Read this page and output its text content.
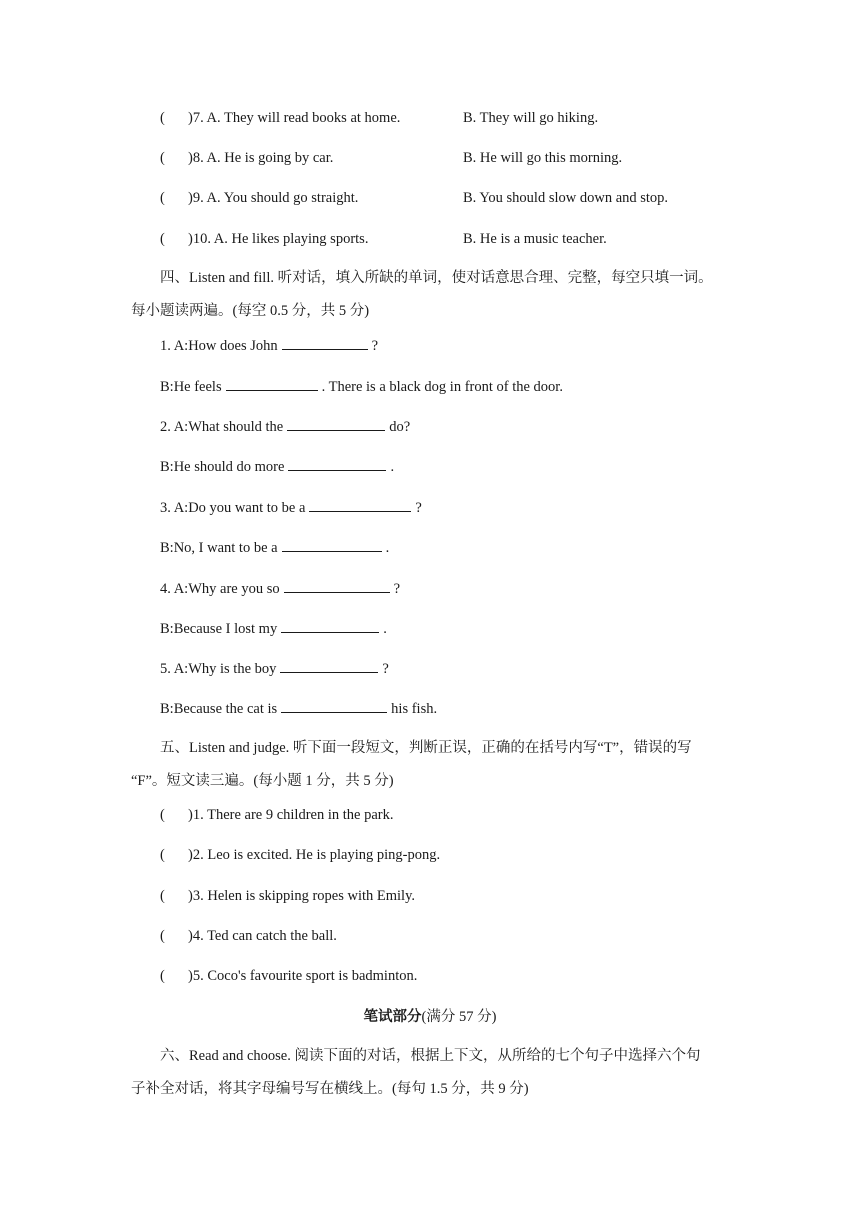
( )7. A. They will read books at home.	B. They will go hiking.
( )8. A. He is going by car.	B. He will go this morning.
( )9. A. You should go straight.	B. You should slow down and stop.
( )10. A. He likes playing sports.	B. He is a music teacher.
四、Listen and fill. 听对话，填入所缺的单词，使对话意思合理、完整，每空只填一词。
每小题读两遍。(每空 0.5 分，共 5 分)
1. A:How does John	?
B:He feels	. There is a black dog in front of the door.
2. A:What should the	do?
B:He should do more	.
3. A:Do you want to be a	?
B:No, I want to be a	.
4. A:Why are you so	?
B:Because I lost my	.
5. A:Why is the boy	?
B:Because the cat is	his fish.
五、Listen and judge. 听下面一段短文，判断正误，正确的在括号内写“T”，错误的写
“F”。短文读三遍。(每小题 1 分，共 5 分)
( )1. There are 9 children in the park.
( )2. Leo is excited. He is playing ping-pong.
( )3. Helen is skipping ropes with Emily.
( )4. Ted can catch the ball.
( )5. Coco's favourite sport is badminton.
笔试部分(满分 57 分)
六、Read and choose. 阅读下面的对话，根据上下文，从所给的七个句子中选择六个句
子补全对话，将其字母编号写在横线上。(每句 1.5 分，共 9 分)
